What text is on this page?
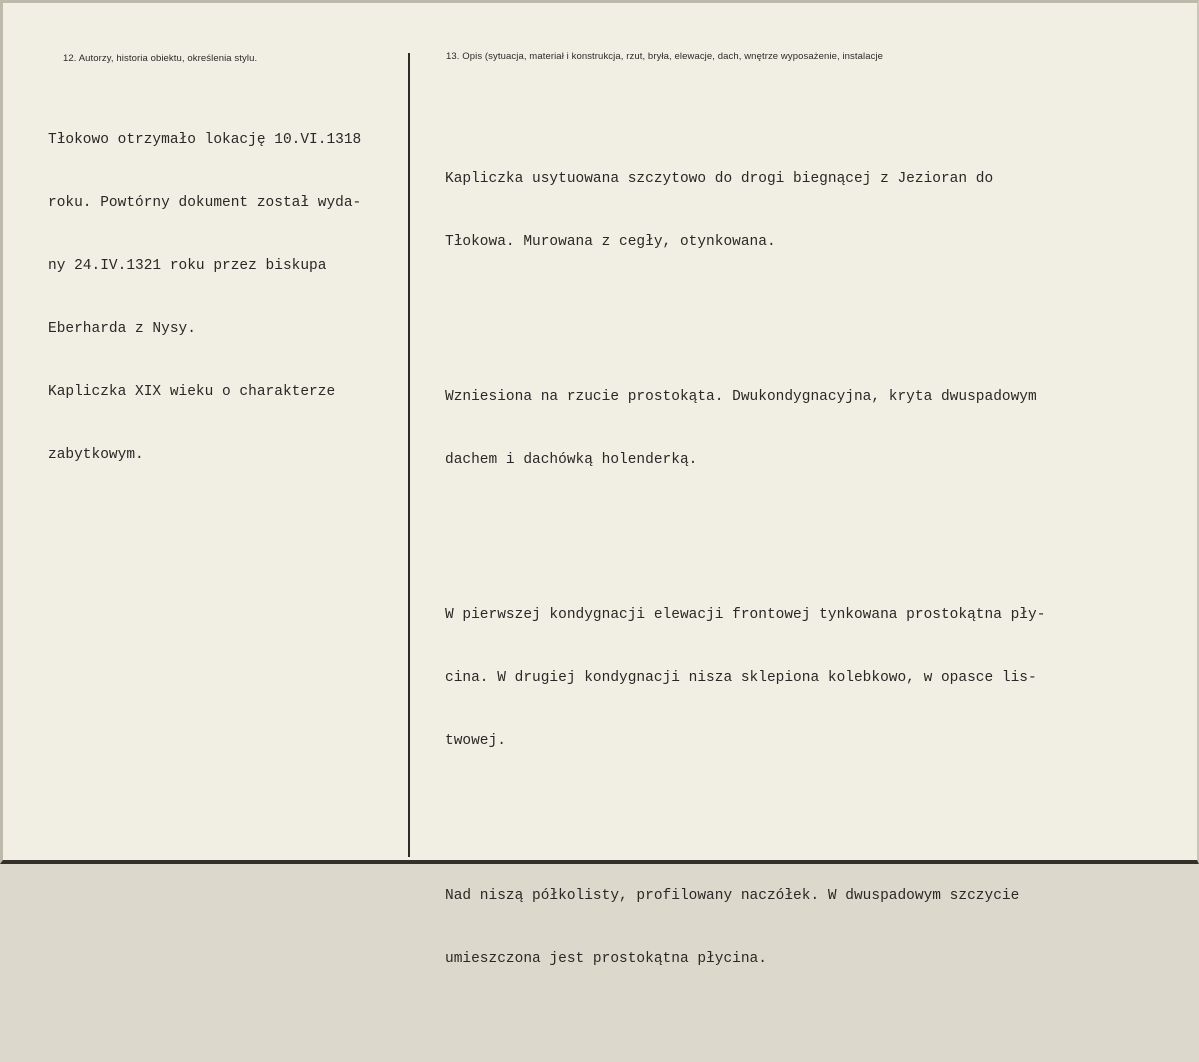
12. Autorzy, historia obiektu, określenia stylu.	13. Opis (sytuacja, materiał i konstrukcja, rzut, bryła, elewacje, dach, wnętrze wyposażenie, instalacje

Tłokowo otrzymało lokację 10.VI.1318

roku. Powtórny dokument został wyda-

ny 24.IV.1321 roku przez biskupa

Eberharda z Nysy.

Kapliczka XIX wieku o charakterze

zabytkowym.

Kapliczka usytuowana szczytowo do drogi biegnącej z Jezioran do

Tłokowa. Murowana z cegły, otynkowana.

Wzniesiona na rzucie prostokąta. Dwukondygnacyjna, kryta dwuspadowym

dachem i dachówką holenderką.

W pierwszej kondygnacji elewacji frontowej tynkowana prostokątna pły-

cina. W drugiej kondygnacji nisza sklepiona kolebkowo, w opasce lis-

twowej.

Nad niszą półkolisty, profilowany naczółek. W dwuspadowym szczycie

umieszczona jest prostokątna płycina.
